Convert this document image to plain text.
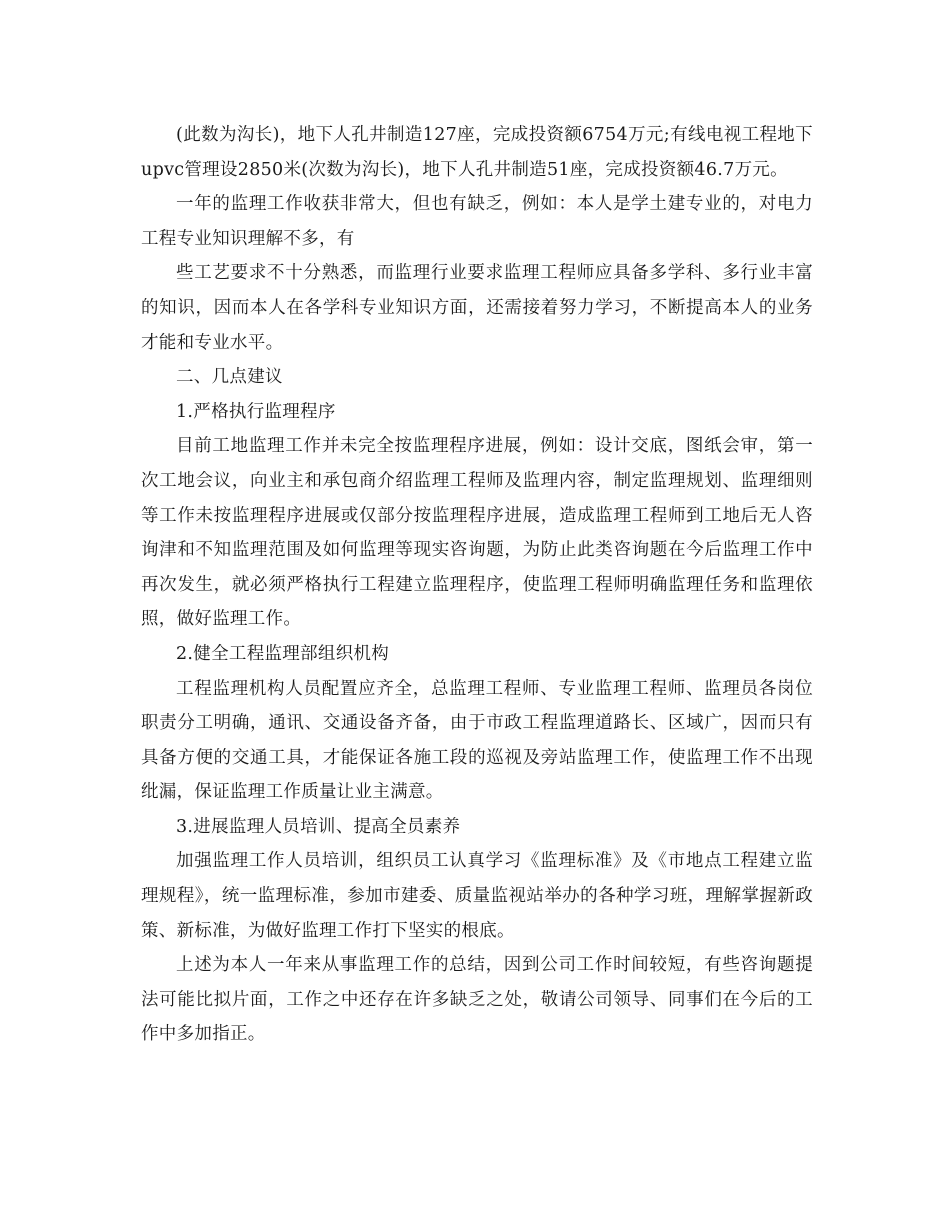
(此数为沟长)，地下人孔井制造127座，完成投资额6754万元;有线电视工程地下upvc管理设2850米(次数为沟长)，地下人孔井制造51座，完成投资额46.7万元。

一年的监理工作收获非常大，但也有缺乏，例如：本人是学土建专业的，对电力工程专业知识理解不多，有

些工艺要求不十分熟悉，而监理行业要求监理工程师应具备多学科、多行业丰富的知识，因而本人在各学科专业知识方面，还需接着努力学习，不断提高本人的业务才能和专业水平。

二、几点建议

1.严格执行监理程序

目前工地监理工作并未完全按监理程序进展，例如：设计交底，图纸会审，第一次工地会议，向业主和承包商介绍监理工程师及监理内容，制定监理规划、监理细则等工作未按监理程序进展或仅部分按监理程序进展，造成监理工程师到工地后无人咨询津和不知监理范围及如何监理等现实咨询题，为防止此类咨询题在今后监理工作中再次发生，就必须严格执行工程建立监理程序，使监理工程师明确监理任务和监理依照，做好监理工作。

2.健全工程监理部组织机构

工程监理机构人员配置应齐全，总监理工程师、专业监理工程师、监理员各岗位职责分工明确，通讯、交通设备齐备，由于市政工程监理道路长、区域广，因而只有具备方便的交通工具，才能保证各施工段的巡视及旁站监理工作，使监理工作不出现纰漏，保证监理工作质量让业主满意。

3.进展监理人员培训、提高全员素养

加强监理工作人员培训，组织员工认真学习《监理标准》及《市地点工程建立监理规程》，统一监理标准，参加市建委、质量监视站举办的各种学习班，理解掌握新政策、新标准，为做好监理工作打下坚实的根底。

上述为本人一年来从事监理工作的总结，因到公司工作时间较短，有些咨询题提法可能比拟片面，工作之中还存在许多缺乏之处，敬请公司领导、同事们在今后的工作中多加指正。
